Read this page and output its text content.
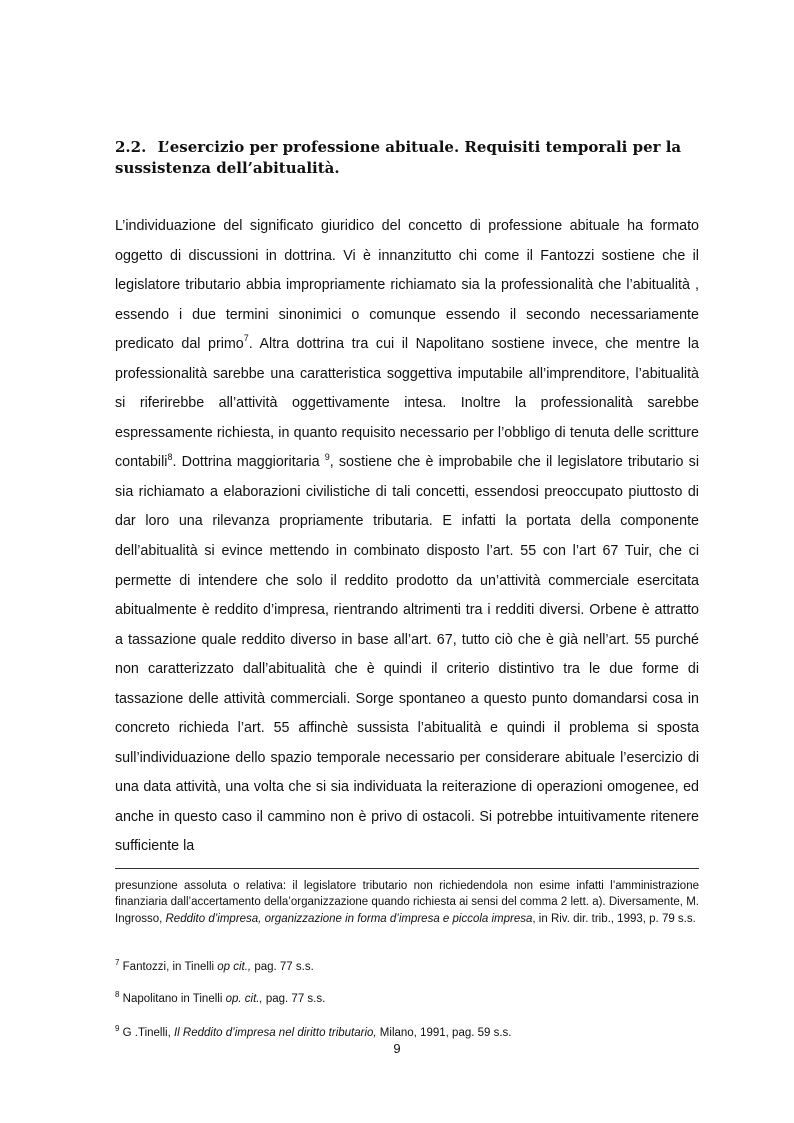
2.2. L’esercizio per professione abituale. Requisiti temporali per la sussistenza dell’abitualità.

L’individuazione del significato giuridico del concetto di professione abituale ha formato oggetto di discussioni in dottrina. Vi è innanzitutto chi come il Fantozzi sostiene che il legislatore tributario abbia impropriamente richiamato sia la professionalità che l’abitualità , essendo i due termini sinonimici o comunque essendo il secondo necessariamente predicato dal primo$^7$. Altra dottrina tra cui il Napolitano sostiene invece, che mentre la professionalità sarebbe una caratteristica soggettiva imputabile all’imprenditore, l’abitualità si riferirebbe all’attività oggettivamente intesa. Inoltre la professionalità sarebbe espressamente richiesta, in quanto requisito necessario per l’obbligo di tenuta delle scritture contabili$^8$. Dottrina maggioritaria $^9$, sostiene che è improbabile che il legislatore tributario si sia richiamato a elaborazioni civilistiche di tali concetti, essendosi preoccupato piuttosto di dar loro una rilevanza propriamente tributaria. E infatti la portata della componente dell’abitualità si evince mettendo in combinato disposto l’art. 55 con l’art 67 Tuir, che ci permette di intendere che solo il reddito prodotto da un’attività commerciale esercitata abitualmente è reddito d’impresa, rientrando altrimenti tra i redditi diversi. Orbene è attratto a tassazione quale reddito diverso in base all’art. 67, tutto ciò che è già nell’art. 55 purché non caratterizzato dall’abitualità che è quindi il criterio distintivo tra le due forme di tassazione delle attività commerciali. Sorge spontaneo a questo punto domandarsi cosa in concreto richieda l’art. 55 affinchè sussista l’abitualità e quindi il problema si sposta sull’individuazione dello spazio temporale necessario per considerare abituale l’esercizio di una data attività, una volta che si sia individuata la reiterazione di operazioni omogenee, ed anche in questo caso il cammino non è privo di ostacoli. Si potrebbe intuitivamente ritenere sufficiente la

presunzione assoluta o relativa: il legislatore tributario non richiedendola non esime infatti l’amministrazione finanziaria dall’accertamento della’organizzazione quando richiesta ai sensi del comma 2 lett. a). Diversamente, M. Ingrosso, Reddito d’impresa, organizzazione in forma d’impresa e piccola impresa, in Riv. dir. trib., 1993, p. 79 s.s.

$^7$ Fantozzi, in Tinelli op cit., pag. 77 s.s.

$^8$ Napolitano in Tinelli op. cit., pag. 77 s.s.

$^9$ G .Tinelli, Il Reddito d’impresa nel diritto tributario, Milano, 1991, pag. 59 s.s.

9
